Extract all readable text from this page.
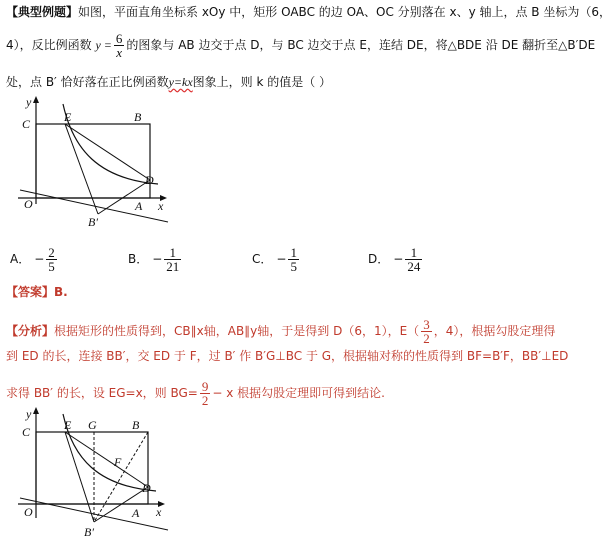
【典型例题】如图，平面直角坐标系 xOy 中，矩形 OABC 的边 OA、OC 分别落在 x、y 轴上，点 B 坐标为（6，
4），反比例函数 $y = \frac{6}{x}$ 的图象与 AB 边交于点 D，与 BC 边交于点 E，连结 DE，将△BDE 沿 DE 翻折至△B′DE
处，点 B′ 恰好落在正比例函数y=kx图象上，则 k 的值是（ ）
y
C	E	B
D
O	A x
B′
A． − $\frac{2}{5}$	B． − $\frac{1}{21}$	C． − $\frac{1}{5}$	D． − $\frac{1}{24}$
【答案】B.
【分析】根据矩形的性质得到，CB∥x轴，AB∥y轴，于是得到 D（6，1），$E( \frac{3}{2}$ ，4），根据勾股定理得
到 ED 的长，连接 BB′，交 ED 于 F，过 B′ 作 B′G⊥BC 于 G，根据轴对称的性质得到 BF=B′F，BB′⊥ED
求得 BB′ 的长，设 EG=x，则 $BG= \frac{9}{2} - x$ 根据勾股定理即可得到结论.
y
C	E G	B
F
D
O	A x
B′
